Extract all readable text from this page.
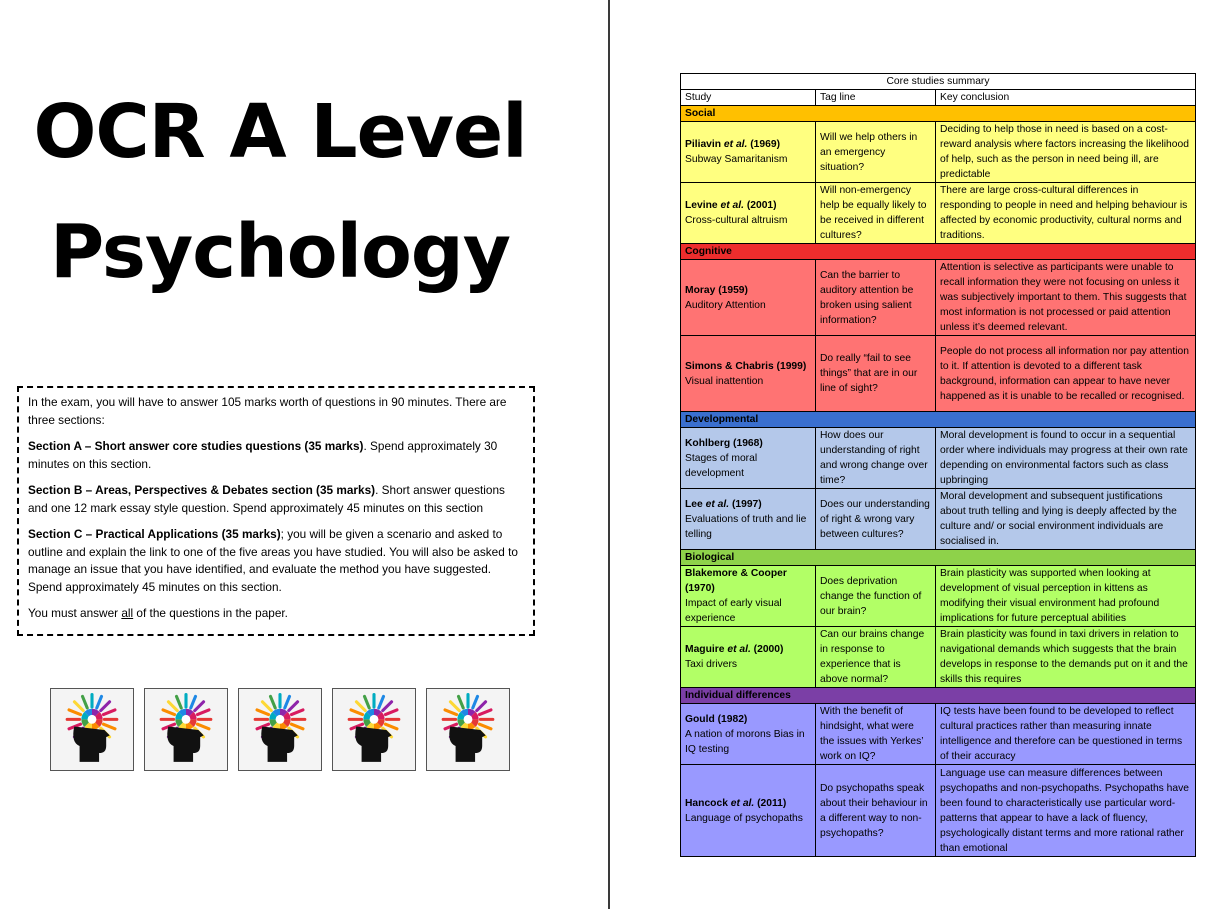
OCR A Level
Psychology

In the exam, you will have to answer 105 marks worth of questions in 90 minutes. There are three sections:

Section A – Short answer core studies questions (35 marks). Spend approximately 30 minutes on this section.

Section B – Areas, Perspectives & Debates section (35 marks). Short answer questions and one 12 mark essay style question. Spend approximately 45 minutes on this section

Section C – Practical Applications (35 marks); you will be given a scenario and asked to outline and explain the link to one of the five areas you have studied. You will also be asked to manage an issue that you have identified, and evaluate the method you have suggested. Spend approximately 45 minutes on this section.

You must answer all of the questions in the paper.

Core studies summary		
Study	Tag line	Key conclusion
Social		

Piliavin et al. (1969)
Subway Samaritanism	Will we help others in an emergency situation?	Deciding to help those in need is based on a cost-reward analysis where factors increasing the likelihood of help, such as the person in need being ill, are predictable

Levine et al. (2001)
Cross-cultural altruism	Will non-emergency help be equally likely to be received in different cultures?	There are large cross-cultural differences in responding to people in need and helping behaviour is affected by economic productivity, cultural norms and traditions.
Cognitive		

Moray (1959)
Auditory Attention	Can the barrier to auditory attention be broken using salient information?	Attention is selective as participants were unable to recall information they were not focusing on unless it was subjectively important to them. This suggests that most information is not processed or paid attention unless it’s deemed relevant.

Simons & Chabris (1999)
Visual inattention	Do really “fail to see things” that are in our line of sight?	People do not process all information nor pay attention to it. If attention is devoted to a different task background, information can appear to have never happened as it is unable to be recalled or recognised.
Developmental		

Kohlberg (1968)
Stages of moral development	How does our understanding of right and wrong change over time?	Moral development is found to occur in a sequential order where individuals may progress at their own rate depending on environmental factors such as class upbringing

Lee et al. (1997)
Evaluations of truth and lie telling	Does our understanding of right & wrong vary between cultures?	Moral development and subsequent justifications about truth telling and lying is deeply affected by the culture and/ or social environment individuals are socialised in.
Biological		

Blakemore & Cooper (1970)
Impact of early visual experience	Does deprivation change the function of our brain?	Brain plasticity was supported when looking at development of visual perception in kittens as modifying their visual environment had profound implications for future perceptual abilities

Maguire et al. (2000)
Taxi drivers	Can our brains change in response to experience that is above normal?	Brain plasticity was found in taxi drivers in relation to navigational demands which suggests that the brain develops in response to the demands put on it and the skills this requires
Individual differences		

Gould (1982)
A nation of morons Bias in IQ testing	With the benefit of hindsight, what were the issues with Yerkes’ work on IQ?	IQ tests have been found to be developed to reflect cultural practices rather than measuring innate intelligence and therefore can be questioned in terms of their accuracy

Hancock et al. (2011)
Language of psychopaths	Do psychopaths speak about their behaviour in a different way to non-psychopaths?	Language use can measure differences between psychopaths and non-psychopaths. Psychopaths have been found to characteristically use particular word-patterns that appear to have a lack of fluency, psychologically distant terms and more rational rather than emotional
